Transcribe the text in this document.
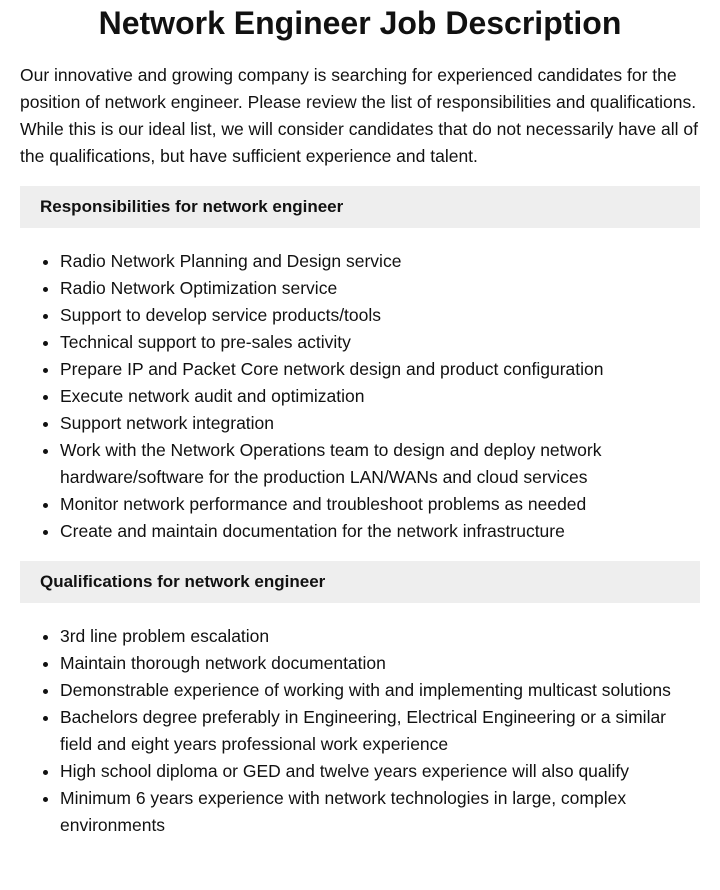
Network Engineer Job Description

Our innovative and growing company is searching for experienced candidates for the position of network engineer. Please review the list of responsibilities and qualifications. While this is our ideal list, we will consider candidates that do not necessarily have all of the qualifications, but have sufficient experience and talent.

Responsibilities for network engineer
• Radio Network Planning and Design service
• Radio Network Optimization service
• Support to develop service products/tools
• Technical support to pre-sales activity
• Prepare IP and Packet Core network design and product configuration
• Execute network audit and optimization
• Support network integration
• Work with the Network Operations team to design and deploy network hardware/software for the production LAN/WANs and cloud services
• Monitor network performance and troubleshoot problems as needed
• Create and maintain documentation for the network infrastructure
Qualifications for network engineer
• 3rd line problem escalation
• Maintain thorough network documentation
• Demonstrable experience of working with and implementing multicast solutions
• Bachelors degree preferably in Engineering, Electrical Engineering or a similar field and eight years professional work experience
• High school diploma or GED and twelve years experience will also qualify
• Minimum 6 years experience with network technologies in large, complex environments
